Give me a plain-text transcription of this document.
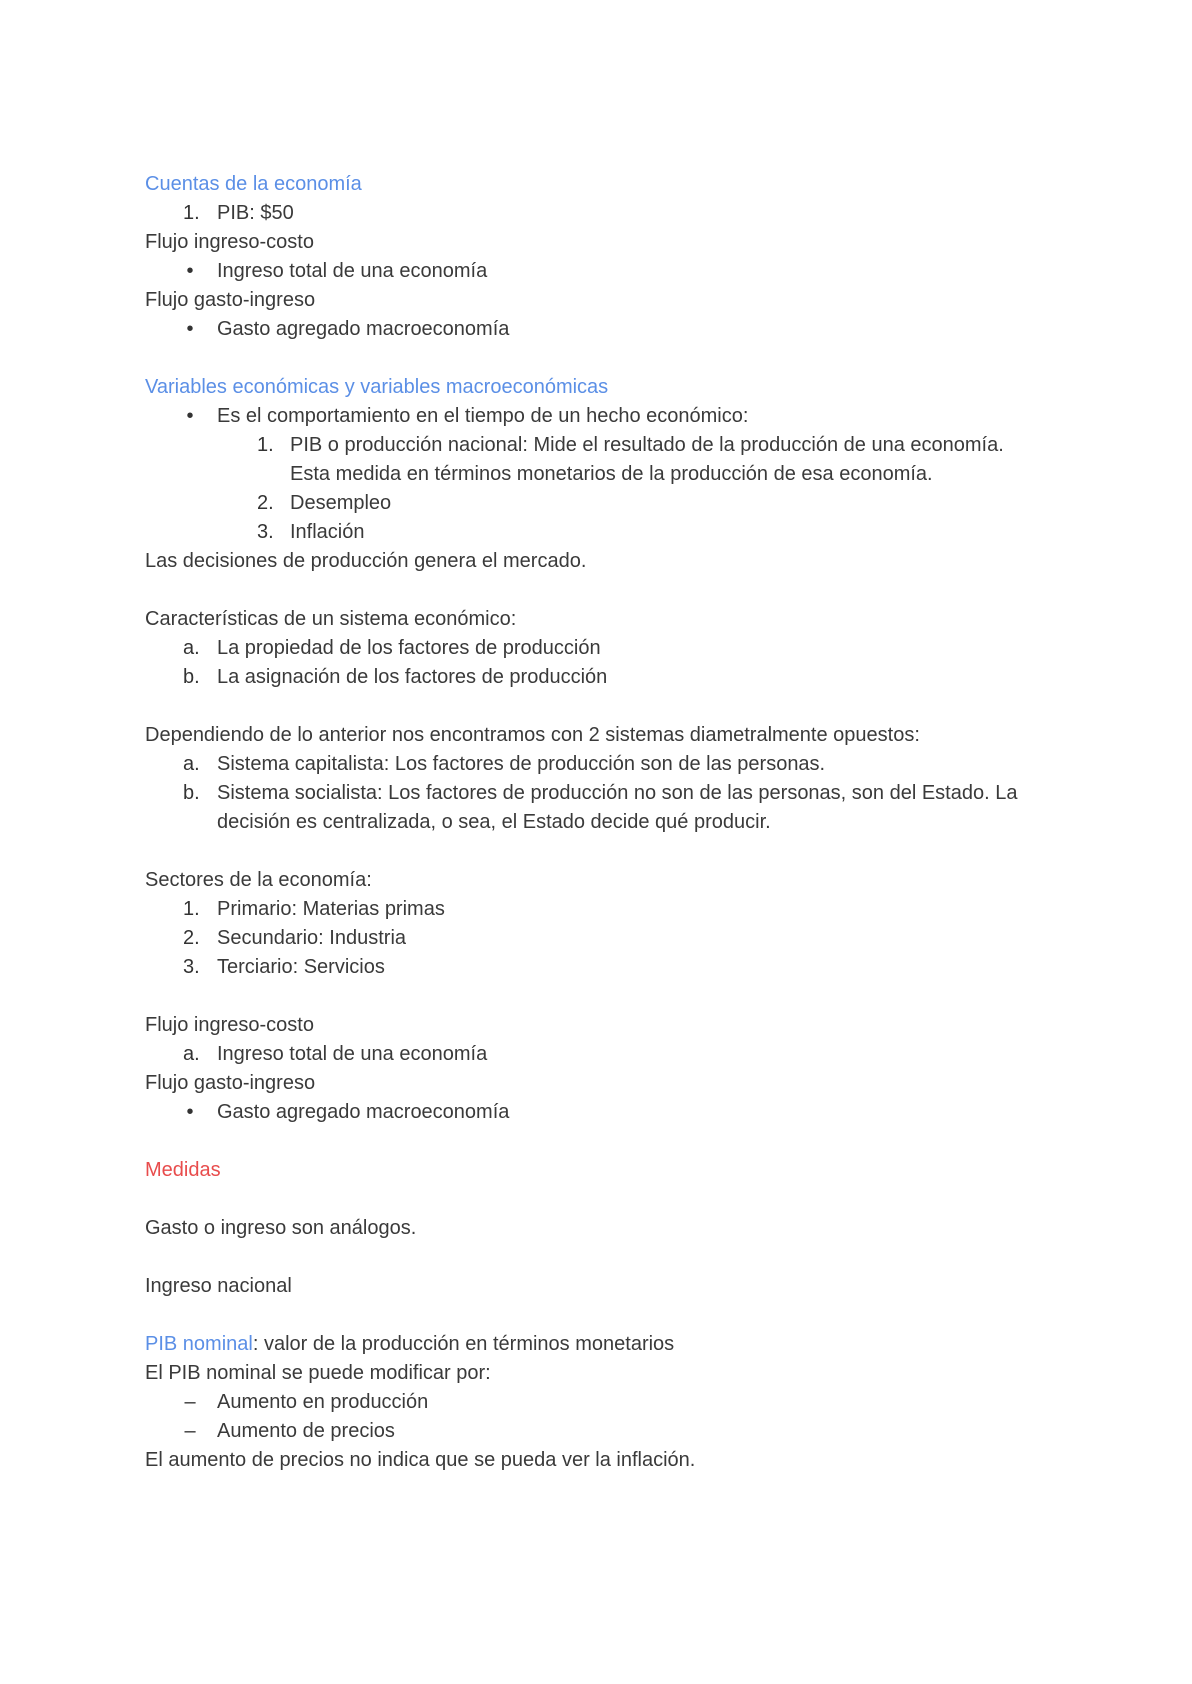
Cuentas de la economía
1. PIB: $50
Flujo ingreso-costo
• Ingreso total de una economía
Flujo gasto-ingreso
• Gasto agregado macroeconomía
Variables económicas y variables macroeconómicas
• Es el comportamiento en el tiempo de un hecho económico:
1. PIB o producción nacional: Mide el resultado de la producción de una economía. Esta medida en términos monetarios de la producción de esa economía.
2. Desempleo
3. Inflación
Las decisiones de producción genera el mercado.
Características de un sistema económico:
a. La propiedad de los factores de producción
b. La asignación de los factores de producción
Dependiendo de lo anterior nos encontramos con 2 sistemas diametralmente opuestos:
a. Sistema capitalista: Los factores de producción son de las personas.
b. Sistema socialista: Los factores de producción no son de las personas, son del Estado. La decisión es centralizada, o sea, el Estado decide qué producir.
Sectores de la economía:
1. Primario: Materias primas
2. Secundario: Industria
3. Terciario: Servicios
Flujo ingreso-costo
a. Ingreso total de una economía
Flujo gasto-ingreso
• Gasto agregado macroeconomía
Medidas
Gasto o ingreso son análogos.
Ingreso nacional
PIB nominal: valor de la producción en términos monetarios
El PIB nominal se puede modificar por:
– Aumento en producción
– Aumento de precios
El aumento de precios no indica que se pueda ver la inflación.
